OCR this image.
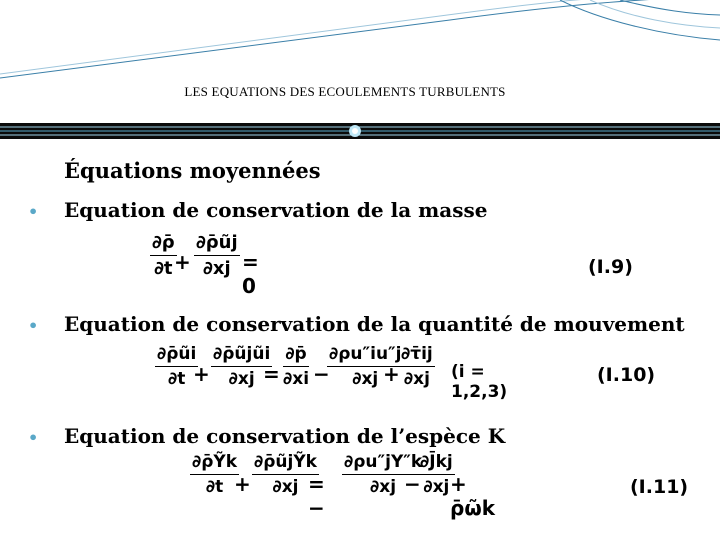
LES EQUATIONS DES ECOULEMENTS TURBULENTS
Équations moyennées
•	Equation de conservation de la masse
$\frac{\partial\rhō}{\partial t}$
+ $\frac{\partial\rhōũj}{\partial xj} = 0$
(I.9)
•	Equation de conservation de la quantité de mouvement
$\frac{\partial\rhōũi}{\partial t}$
+
∂ρ̄ũjũi
$\partial xj = \frac{\partial p̄}{\partial xi}$ −
$\frac{\partial\rho u''iu''j}{\partial xj}$
+ $\frac{\partial\taūij}{\partial xj} (i = 1,2,3)$
(I.10)
•	Equation de conservation de l’espèce K
$\frac{\text{∂ρ̄Ỹk}}{\partial t}$
+
∂ρ̄ũjỸk
∂xj = −
$\frac{\partial\rho u''jY''k}{\partial xj}$
−
$\frac{\partial J̄kj}{\partial xj}$
+ ρ̄ω̃k
(I.11)
